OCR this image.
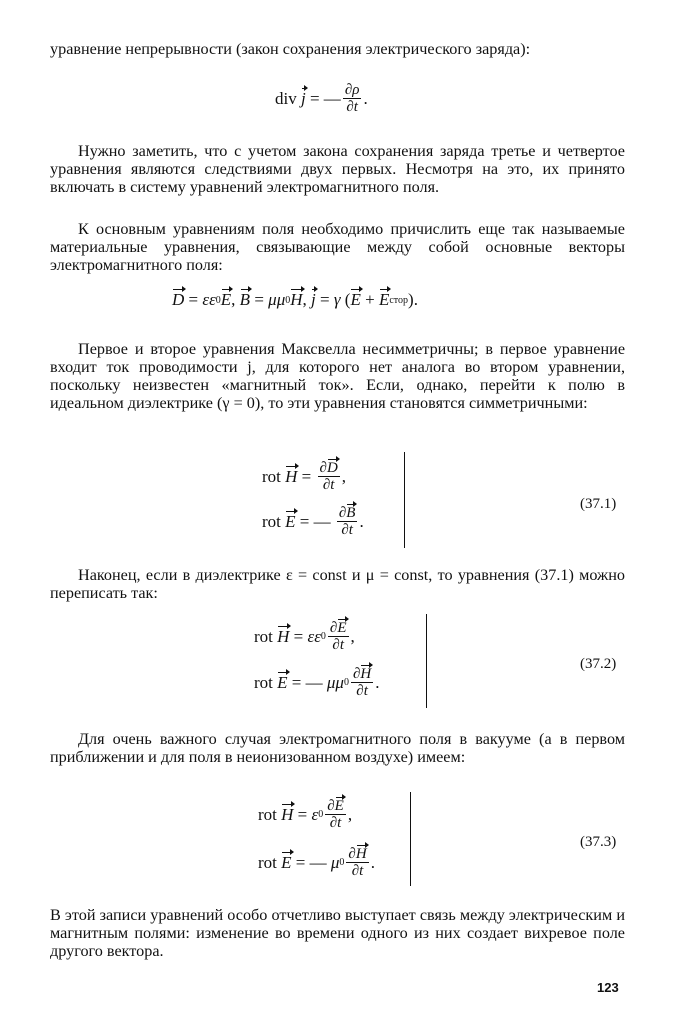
уравнение непрерывности (закон сохранения электрического заряда):

div
j = — $\frac{\partial\rho}{\partial t}$ .

Нужно заметить, что с учетом закона сохранения заряда третье и четвертое уравнения являются следствиями двух первых. Несмотря на это, их принято включать в систему уравнений электромагнитного поля.

К основным уравнениям поля необходимо причислить еще так называемые материальные уравнения, связывающие между собой основные векторы электромагнитного поля:

D = εε 0 E , B = μμ 0 H , j = γ ( E + E стор ).

Первое и второе уравнения Максвелла несимметричны; в первое уравнение входит ток проводимости j, для которого нет аналога во втором уравнении, поскольку неизвестен «магнитный ток». Если, однако, перейти к полю в идеальном диэлектрике (γ = 0), то эти уравнения становятся симметричными:

rot $H = \frac{\partial D}{\partial t}$ ,
rot E = — $\frac{\partial B}{\partial t}$ .
(37.1)

Наконец, если в диэлектрике ε = const и μ = const, то уравнения (37.1) можно переписать так:

rot H = εε $0 \frac{\partial E}{\partial t}$ ,
rot E = — μμ $0 \frac{\partial H}{\partial t}$ .
(37.2)

Для очень важного случая электромагнитного поля в вакууме (а в первом приближении и для поля в неионизованном воздухе) имеем:

rot H = ε $0 \frac{\partial E}{\partial t}$ ,
rot E = — μ $0 \frac{\partial H}{\partial t}$ .
(37.3)

В этой записи уравнений особо отчетливо выступает связь между электрическим и магнитным полями: изменение во времени одного из них создает вихревое поле другого вектора.

123
